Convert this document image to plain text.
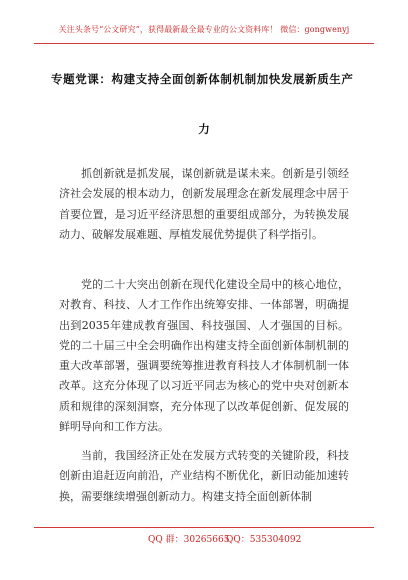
关注头条号“公文研究”，获得最新最全最专业的公文资料库！ 微信：gongwenyj
专题党课：构建支持全面创新体制机制加快发展新质生产
力

抓创新就是抓发展，谋创新就是谋未来。创新是引领经济社会发展的根本动力，创新发展理念在新发展理念中居于首要位置，是习近平经济思想的重要组成部分，为转换发展动力、破解发展难题、厚植发展优势提供了科学指引。

党的二十大突出创新在现代化建设全局中的核心地位，对教育、科技、人才工作作出统筹安排、一体部署，明确提出到2035年建成教育强国、科技强国、人才强国的目标。党的二十届三中全会明确作出构建支持全面创新体制机制的重大改革部署，强调要统筹推进教育科技人才体制机制一体改革。这充分体现了以习近平同志为核心的党中央对创新本质和规律的深刻洞察，充分体现了以改革促创新、促发展的鲜明导向和工作方法。

当前，我国经济正处在发展方式转变的关键阶段，科技创新由追赶迈向前沿，产业结构不断优化，新旧动能加速转换，需要继续增强创新动力。构建支持全面创新体制

QQ 群：30265665
QQ：535304092
